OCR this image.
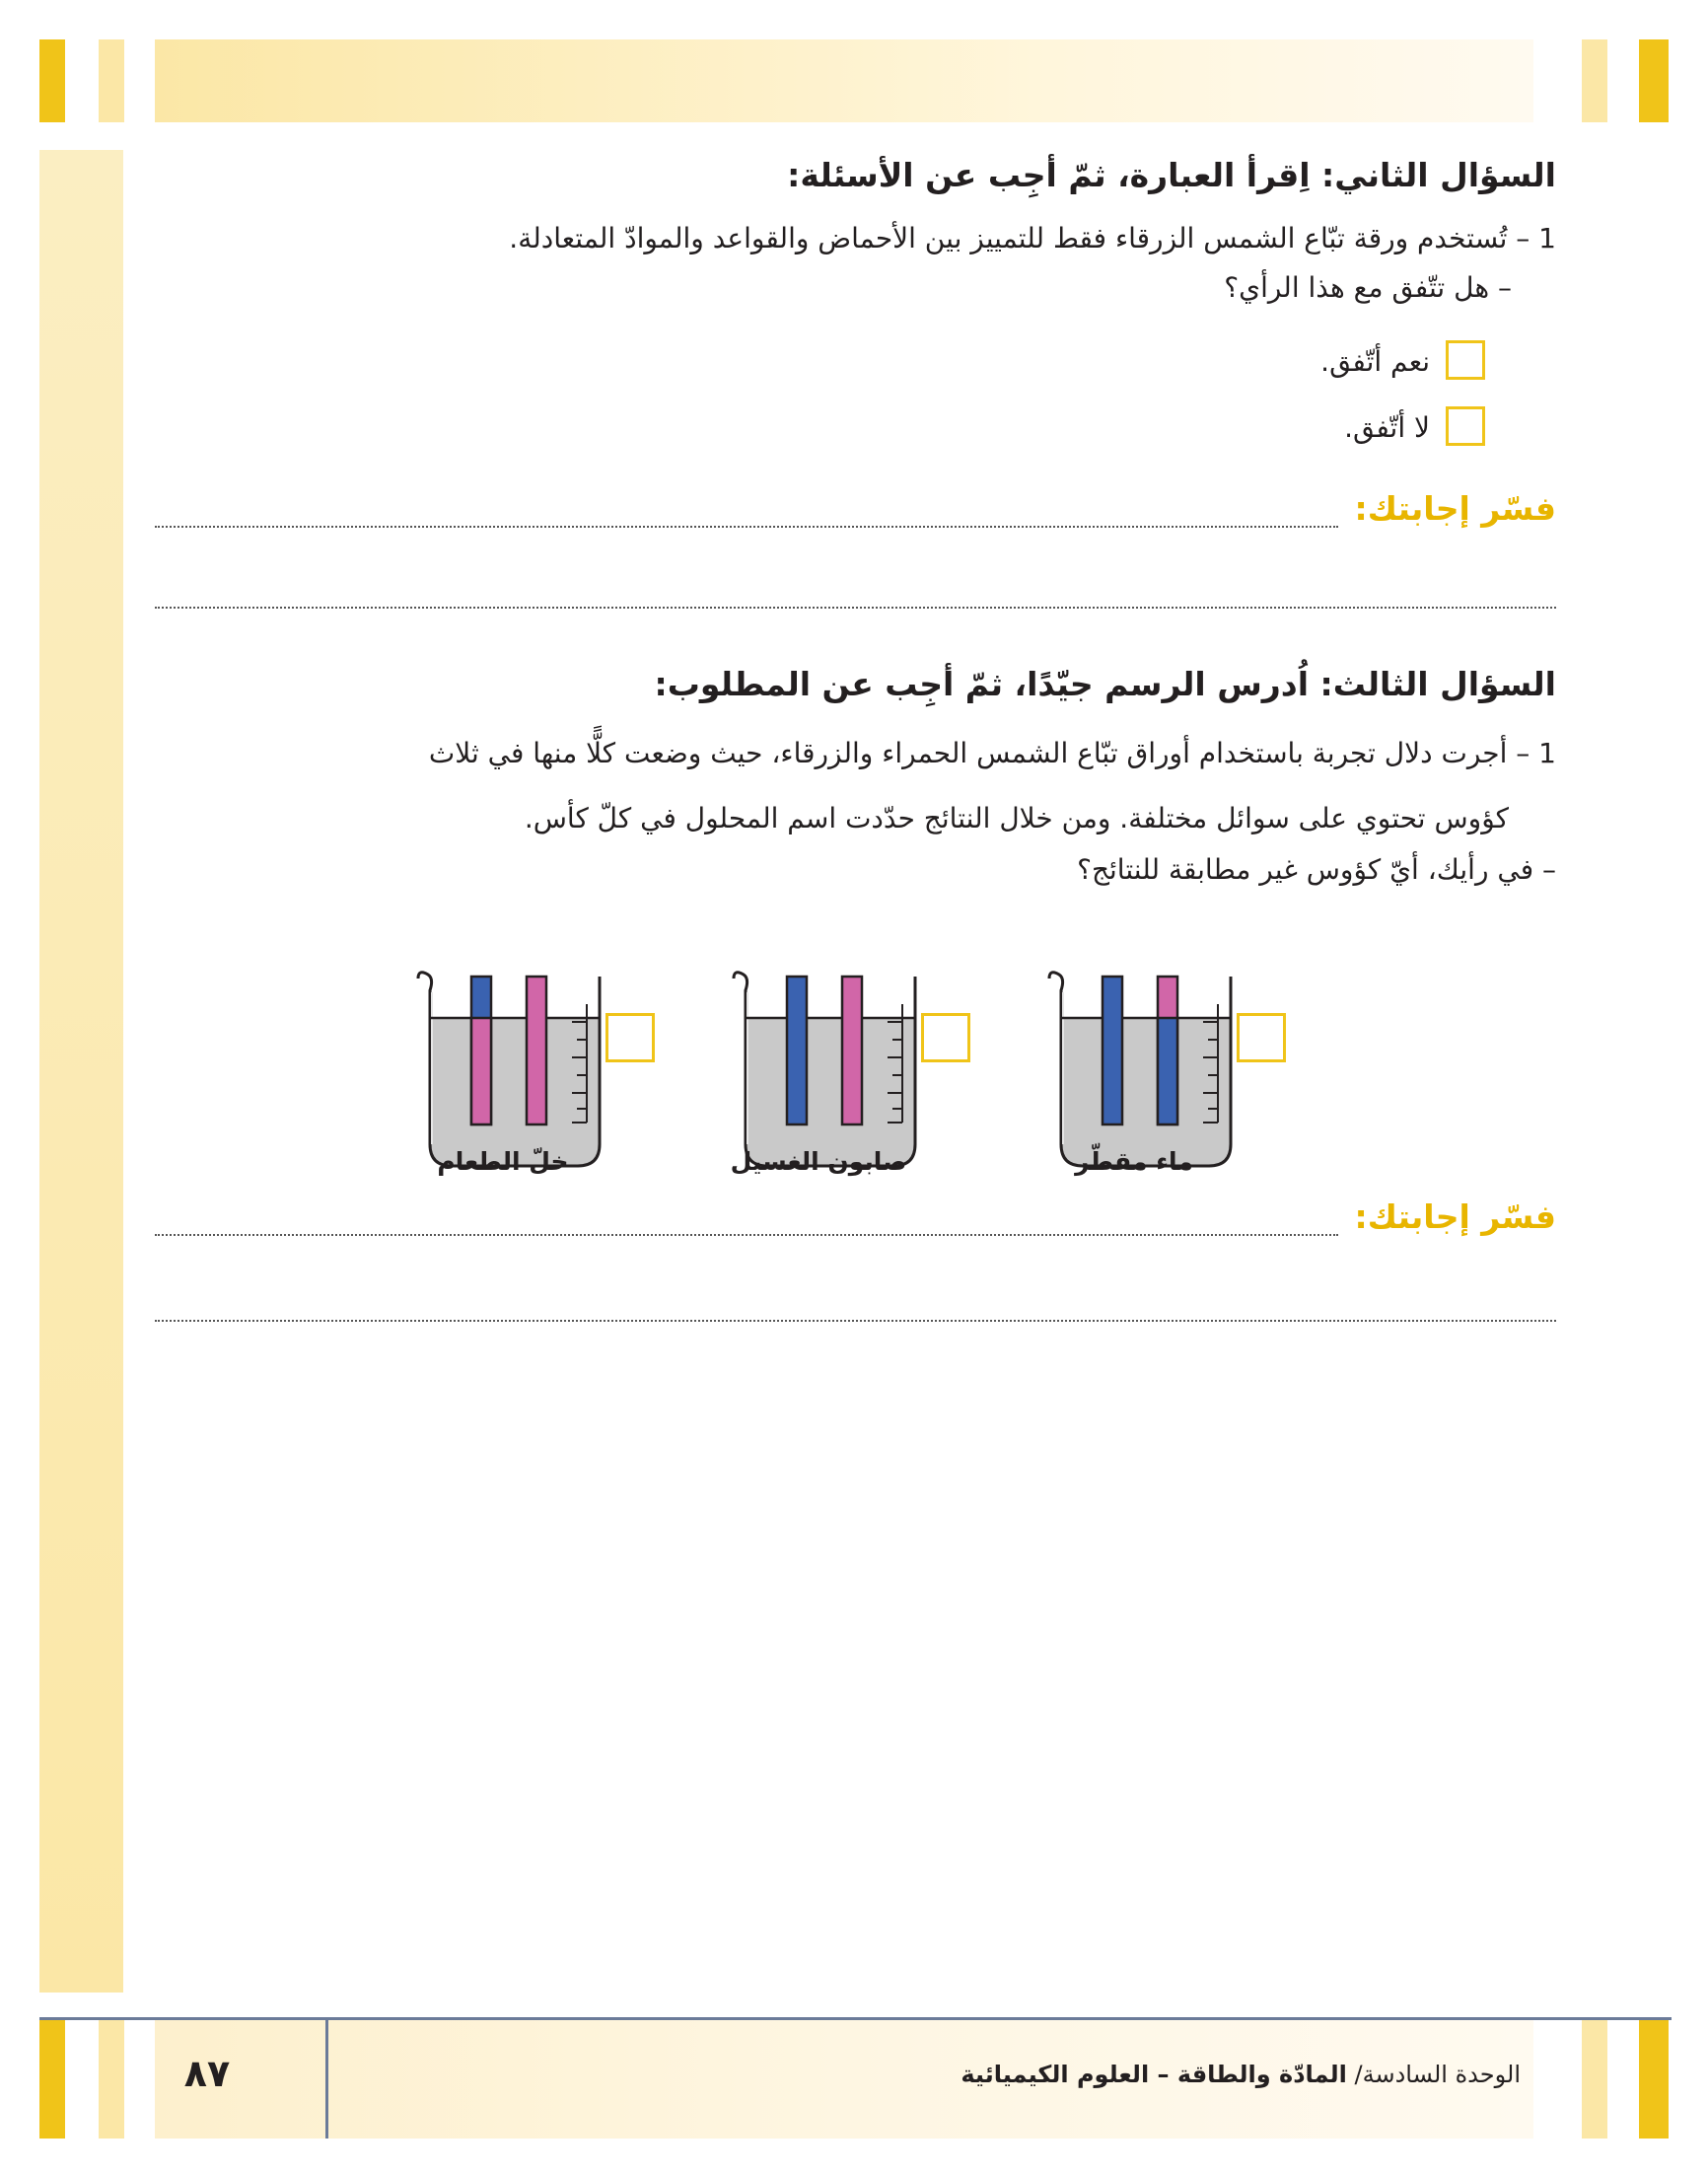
السؤال الثاني: اِقرأ العبارة، ثمّ أجِب عن الأسئلة:
1 – تُستخدم ورقة تبّاع الشمس الزرقاء فقط للتمييز بين الأحماض والقواعد والموادّ المتعادلة.
– هل تتّفق مع هذا الرأي؟
نعم أتّفق.
لا أتّفق.
فسّر إجابتك:
السؤال الثالث: اُدرس الرسم جيّدًا، ثمّ أجِب عن المطلوب:
1 – أجرت دلال تجربة باستخدام أوراق تبّاع الشمس الحمراء والزرقاء، حيث وضعت كلًّا منها في ثلاث
كؤوس تحتوي على سوائل مختلفة. ومن خلال النتائج حدّدت اسم المحلول في كلّ كأس.
– في رأيك، أيّ كؤوس غير مطابقة للنتائج؟
خلّ الطعام	صابون الغسيل	ماء مقطّر
فسّر إجابتك:
٨٧	الوحدة السادسة/ المادّة والطاقة – العلوم الكيميائية
